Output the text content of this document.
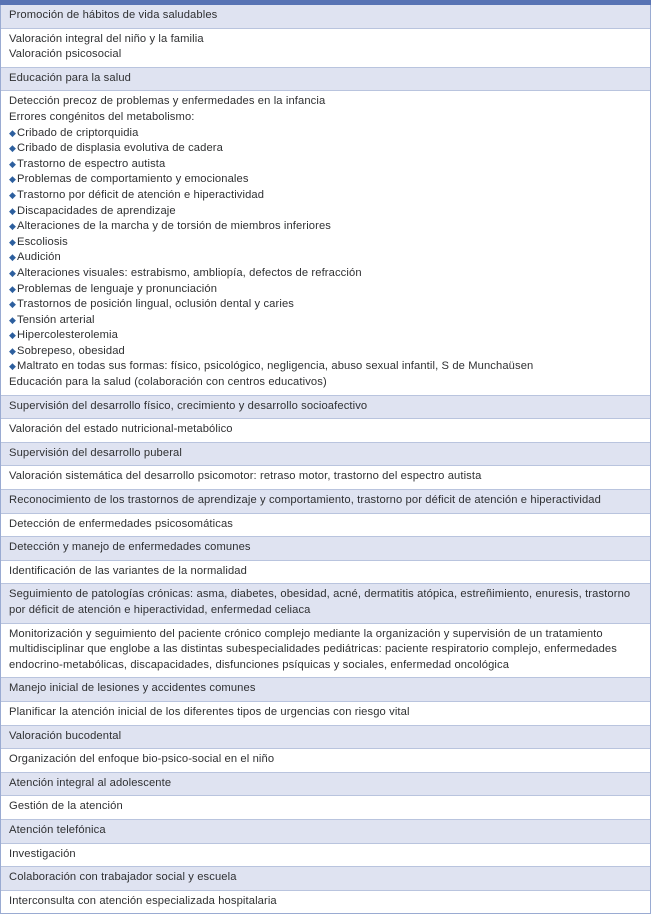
Promoción de hábitos de vida saludables
Valoración integral del niño y la familia
Valoración psicosocial
Educación para la salud
Detección precoz de problemas y enfermedades en la infancia
Errores congénitos del metabolismo:
◆ Cribado de criptorquidia
◆ Cribado de displasia evolutiva de cadera
◆ Trastorno de espectro autista
◆ Problemas de comportamiento y emocionales
◆ Trastorno por déficit de atención e hiperactividad
◆ Discapacidades de aprendizaje
◆ Alteraciones de la marcha y de torsión de miembros inferiores
◆ Escoliosis
◆ Audición
◆ Alteraciones visuales: estrabismo, ambliopía, defectos de refracción
◆ Problemas de lenguaje y pronunciación
◆ Trastornos de posición lingual, oclusión dental y caries
◆ Tensión arterial
◆ Hipercolesterolemia
◆ Sobrepeso, obesidad
◆ Maltrato en todas sus formas: físico, psicológico, negligencia, abuso sexual infantil, S de Munchaüsen
Educación para la salud (colaboración con centros educativos)
Supervisión del desarrollo físico, crecimiento y desarrollo socioafectivo
Valoración del estado nutricional-metabólico
Supervisión del desarrollo puberal
Valoración sistemática del desarrollo psicomotor: retraso motor, trastorno del espectro autista
Reconocimiento de los trastornos de aprendizaje y comportamiento, trastorno por déficit de atención e hiperactividad
Detección de enfermedades psicosomáticas
Detección y manejo de enfermedades comunes
Identificación de las variantes de la normalidad
Seguimiento de patologías crónicas: asma, diabetes, obesidad, acné, dermatitis atópica, estreñimiento, enuresis, trastorno por déficit de atención e hiperactividad, enfermedad celiaca
Monitorización y seguimiento del paciente crónico complejo mediante la organización y supervisión de un tratamiento multidisciplinar que englobe a las distintas subespecialidades pediátricas: paciente respiratorio complejo, enfermedades endocrino-metabólicas, discapacidades, disfunciones psíquicas y sociales, enfermedad oncológica
Manejo inicial de lesiones y accidentes comunes
Planificar la atención inicial de los diferentes tipos de urgencias con riesgo vital
Valoración bucodental
Organización del enfoque bio-psico-social en el niño
Atención integral al adolescente
Gestión de la atención
Atención telefónica
Investigación
Colaboración con trabajador social y escuela
Interconsulta con atención especializada hospitalaria
